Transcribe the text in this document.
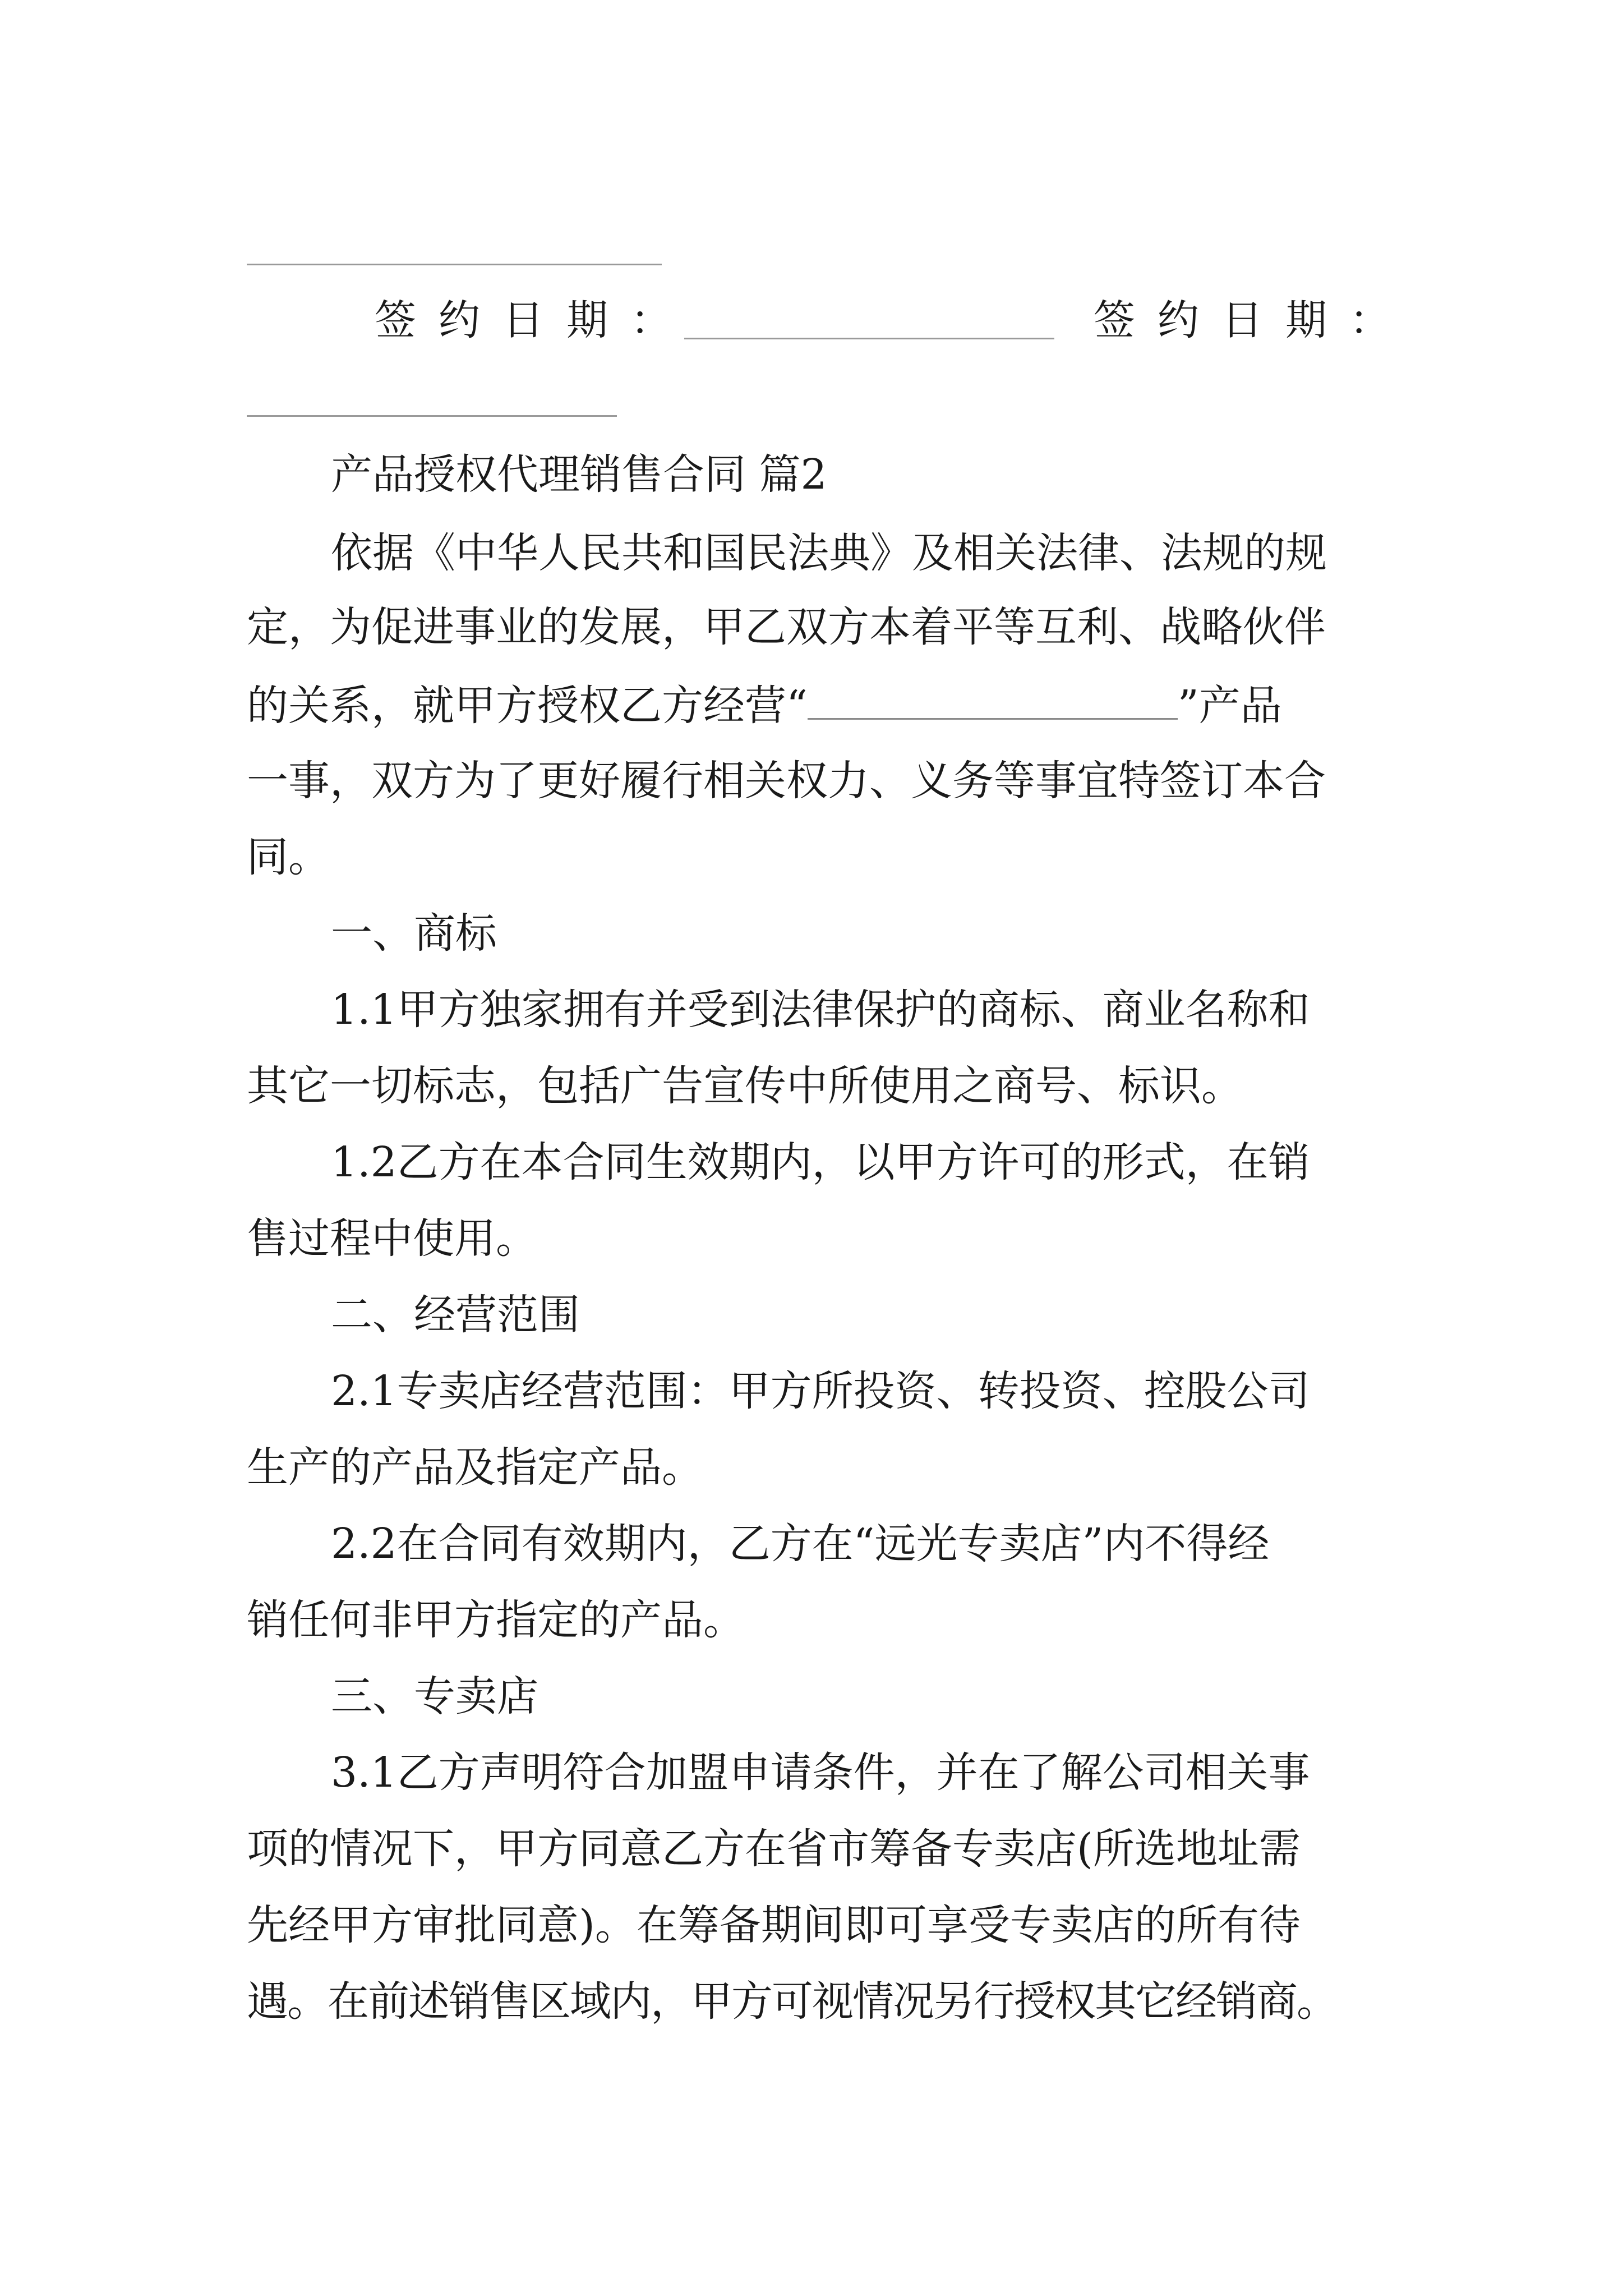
签约日期：	签约日期：
产品授权代理销售合同 篇2
依据《中华人民共和国民法典》及相关法律、法规的规
定，为促进事业的发展，甲乙双方本着平等互利、战略伙伴
的关系，就甲方授权乙方经营“	”产品
一事，双方为了更好履行相关权力、义务等事宜特签订本合
同。
一、商标
1.1甲方独家拥有并受到法律保护的商标、商业名称和
其它一切标志，包括广告宣传中所使用之商号、标识。
1.2乙方在本合同生效期内，以甲方许可的形式，在销
售过程中使用。
二、经营范围
2.1专卖店经营范围：甲方所投资、转投资、控股公司
生产的产品及指定产品。
2.2在合同有效期内，乙方在“远光专卖店”内不得经
销任何非甲方指定的产品。
三、专卖店
3.1乙方声明符合加盟申请条件，并在了解公司相关事
项的情况下，甲方同意乙方在省市筹备专卖店(所选地址需
先经甲方审批同意)。在筹备期间即可享受专卖店的所有待
遇。在前述销售区域内，甲方可视情况另行授权其它经销商。
